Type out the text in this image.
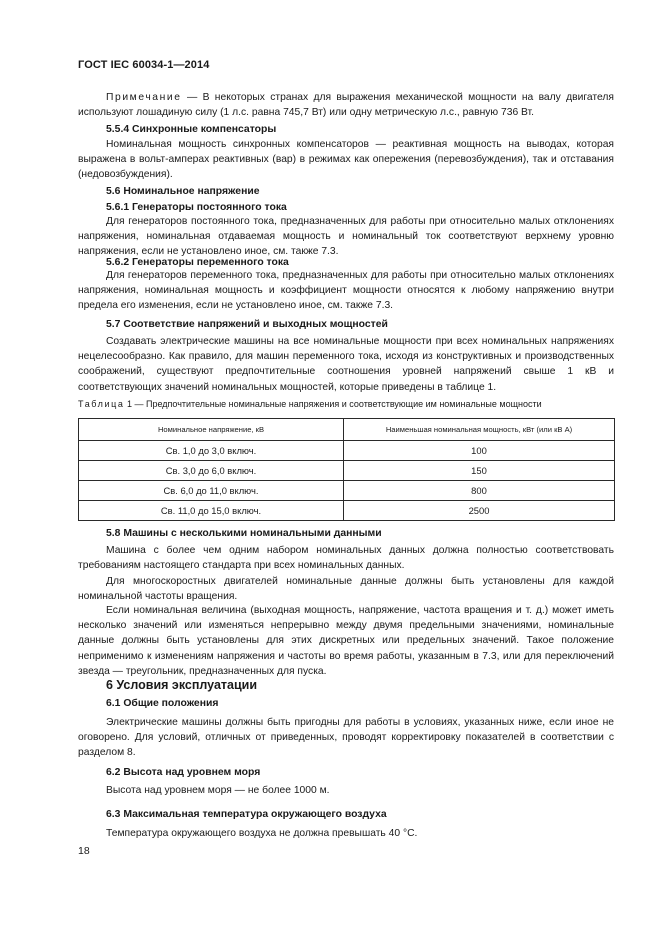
ГОСТ IEC 60034-1—2014
Примечание — В некоторых странах для выражения механической мощности на валу двигателя используют лошадиную силу (1 л.с. равна 745,7 Вт) или одну метрическую л.с., равную 736 Вт.
5.5.4 Синхронные компенсаторы
Номинальная мощность синхронных компенсаторов — реактивная мощность на выводах, которая выражена в вольт-амперах реактивных (вар) в режимах как опережения (перевозбуждения), так и отставания (недовозбуждения).
5.6 Номинальное напряжение
5.6.1 Генераторы постоянного тока
Для генераторов постоянного тока, предназначенных для работы при относительно малых отклонениях напряжения, номинальная отдаваемая мощность и номинальный ток соответствуют верхнему уровню напряжения, если не установлено иное, см. также 7.3.
5.6.2 Генераторы переменного тока
Для генераторов переменного тока, предназначенных для работы при относительно малых отклонениях напряжения, номинальная мощность и коэффициент мощности относятся к любому напряжению внутри предела его изменения, если не установлено иное, см. также 7.3.
5.7 Соответствие напряжений и выходных мощностей
Создавать электрические машины на все номинальные мощности при всех номинальных напряжениях нецелесообразно. Как правило, для машин переменного тока, исходя из конструктивных и производственных соображений, существуют предпочтительные соотношения уровней напряжений свыше 1 кВ и соответствующих значений номинальных мощностей, которые приведены в таблице 1.
Таблица 1 — Предпочтительные номинальные напряжения и соответствующие им номинальные мощности
Номинальное напряжение, кВ	Наименьшая номинальная мощность, кВт (или кВ А)
Св. 1,0 до 3,0 включ.	100
Св. 3,0 до 6,0 включ.	150
Св. 6,0 до 11,0 включ.	800
Св. 11,0 до 15,0 включ.	2500
5.8 Машины с несколькими номинальными данными
Машина с более чем одним набором номинальных данных должна полностью соответствовать требованиям настоящего стандарта при всех номинальных данных.
Для многоскоростных двигателей номинальные данные должны быть установлены для каждой номинальной частоты вращения.
Если номинальная величина (выходная мощность, напряжение, частота вращения и т. д.) может иметь несколько значений или изменяться непрерывно между двумя предельными значениями, номинальные данные должны быть установлены для этих дискретных или предельных значений. Такое положение неприменимо к изменениям напряжения и частоты во время работы, указанным в 7.3, или для переключений звезда — треугольник, предназначенных для пуска.
6 Условия эксплуатации
6.1 Общие положения
Электрические машины должны быть пригодны для работы в условиях, указанных ниже, если иное не оговорено. Для условий, отличных от приведенных, проводят корректировку показателей в соответствии с разделом 8.
6.2 Высота над уровнем моря
Высота над уровнем моря — не более 1000 м.
6.3 Максимальная температура окружающего воздуха
Температура окружающего воздуха не должна превышать 40 °C.
18
